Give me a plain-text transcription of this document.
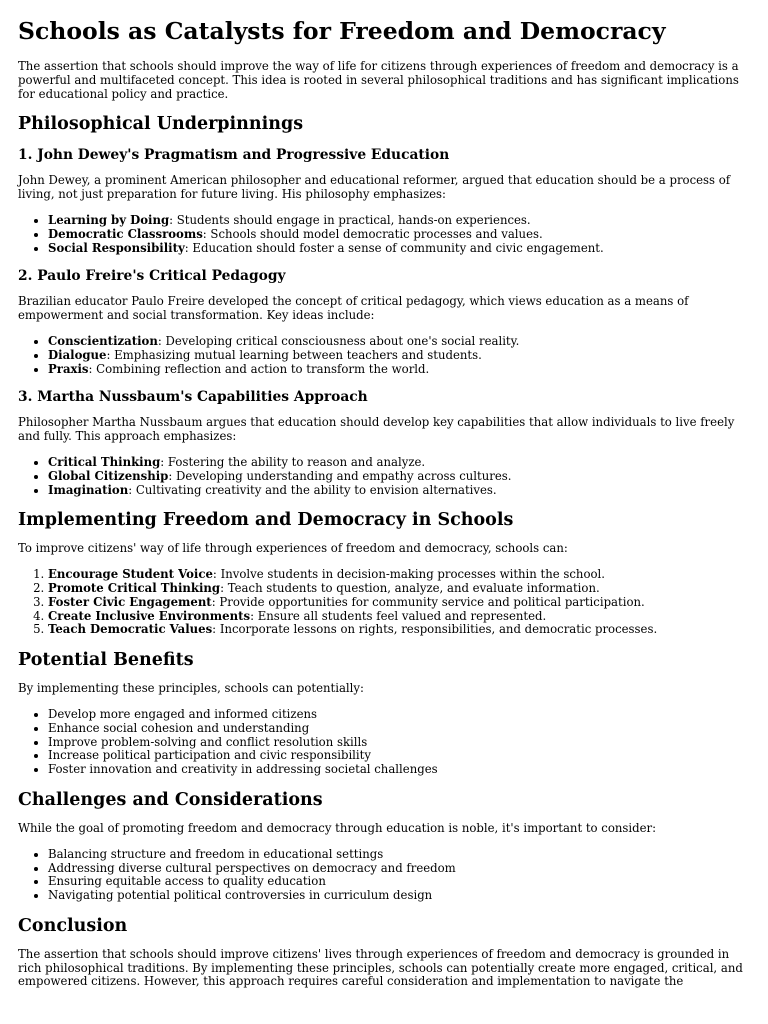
Schools as Catalysts for Freedom and Democracy

The assertion that schools should improve the way of life for citizens through experiences of freedom and democracy is a powerful and multifaceted concept. This idea is rooted in several philosophical traditions and has significant implications for educational policy and practice.

Philosophical Underpinnings
1. John Dewey's Pragmatism and Progressive Education

John Dewey, a prominent American philosopher and educational reformer, argued that education should be a process of living, not just preparation for future living. His philosophy emphasizes:

• Learning by Doing: Students should engage in practical, hands-on experiences.
• Democratic Classrooms: Schools should model democratic processes and values.
• Social Responsibility: Education should foster a sense of community and civic engagement.
2. Paulo Freire's Critical Pedagogy

Brazilian educator Paulo Freire developed the concept of critical pedagogy, which views education as a means of empowerment and social transformation. Key ideas include:

• Conscientization: Developing critical consciousness about one's social reality.
• Dialogue: Emphasizing mutual learning between teachers and students.
• Praxis: Combining reflection and action to transform the world.
3. Martha Nussbaum's Capabilities Approach

Philosopher Martha Nussbaum argues that education should develop key capabilities that allow individuals to live freely and fully. This approach emphasizes:

• Critical Thinking: Fostering the ability to reason and analyze.
• Global Citizenship: Developing understanding and empathy across cultures.
• Imagination: Cultivating creativity and the ability to envision alternatives.
Implementing Freedom and Democracy in Schools

To improve citizens' way of life through experiences of freedom and democracy, schools can:

1. Encourage Student Voice: Involve students in decision-making processes within the school.
2. Promote Critical Thinking: Teach students to question, analyze, and evaluate information.
3. Foster Civic Engagement: Provide opportunities for community service and political participation.
4. Create Inclusive Environments: Ensure all students feel valued and represented.
5. Teach Democratic Values: Incorporate lessons on rights, responsibilities, and democratic processes.
Potential Benefits

By implementing these principles, schools can potentially:

• Develop more engaged and informed citizens
• Enhance social cohesion and understanding
• Improve problem-solving and conflict resolution skills
• Increase political participation and civic responsibility
• Foster innovation and creativity in addressing societal challenges
Challenges and Considerations

While the goal of promoting freedom and democracy through education is noble, it's important to consider:

• Balancing structure and freedom in educational settings
• Addressing diverse cultural perspectives on democracy and freedom
• Ensuring equitable access to quality education
• Navigating potential political controversies in curriculum design
Conclusion

The assertion that schools should improve citizens' lives through experiences of freedom and democracy is grounded in rich philosophical traditions. By implementing these principles, schools can potentially create more engaged, critical, and empowered citizens. However, this approach requires careful consideration and implementation to navigate the
